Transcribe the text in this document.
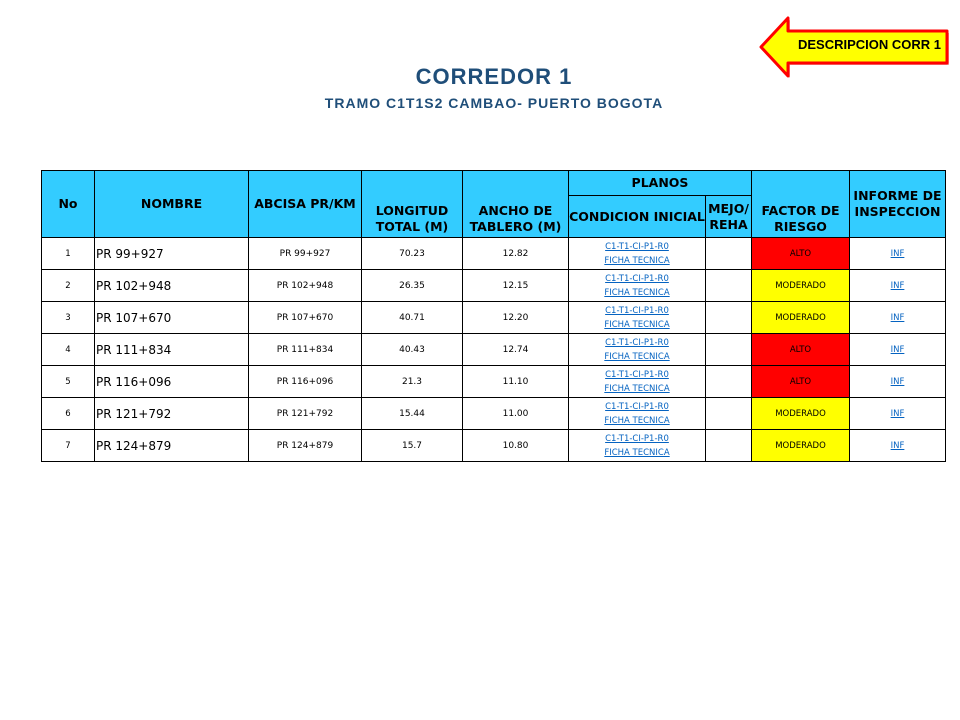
CORREDOR 1
TRAMO C1T1S2 CAMBAO- PUERTO BOGOTA
DESCRIPCION CORR 1
No	NOMBRE	ABCISA PR/KM	LONGITUD TOTAL (M)	ANCHO DE TABLERO (M)	PLANOS		FACTOR DE RIESGO	INFORME DE INSPECCION
					CONDICION INICIAL	MEJO/ REHA		
1	PR 99+927	PR 99+927	70.23	12.82	C1-T1-CI-P1-R0
FICHA TECNICA		ALTO	INF

2	PR 102+948	PR 102+948	26.35	12.15	C1-T1-CI-P1-R0
FICHA TECNICA		MODERADO	INF

3	PR 107+670	PR 107+670	40.71	12.20	C1-T1-CI-P1-R0
FICHA TECNICA		MODERADO	INF

4	PR 111+834	PR 111+834	40.43	12.74	C1-T1-CI-P1-R0
FICHA TECNICA		ALTO	INF

5	PR 116+096	PR 116+096	21.3	11.10	C1-T1-CI-P1-R0
FICHA TECNICA		ALTO	INF

6	PR 121+792	PR 121+792	15.44	11.00	C1-T1-CI-P1-R0
FICHA TECNICA		MODERADO	INF

7	PR 124+879	PR 124+879	15.7	10.80	C1-T1-CI-P1-R0
FICHA TECNICA		MODERADO	INF
